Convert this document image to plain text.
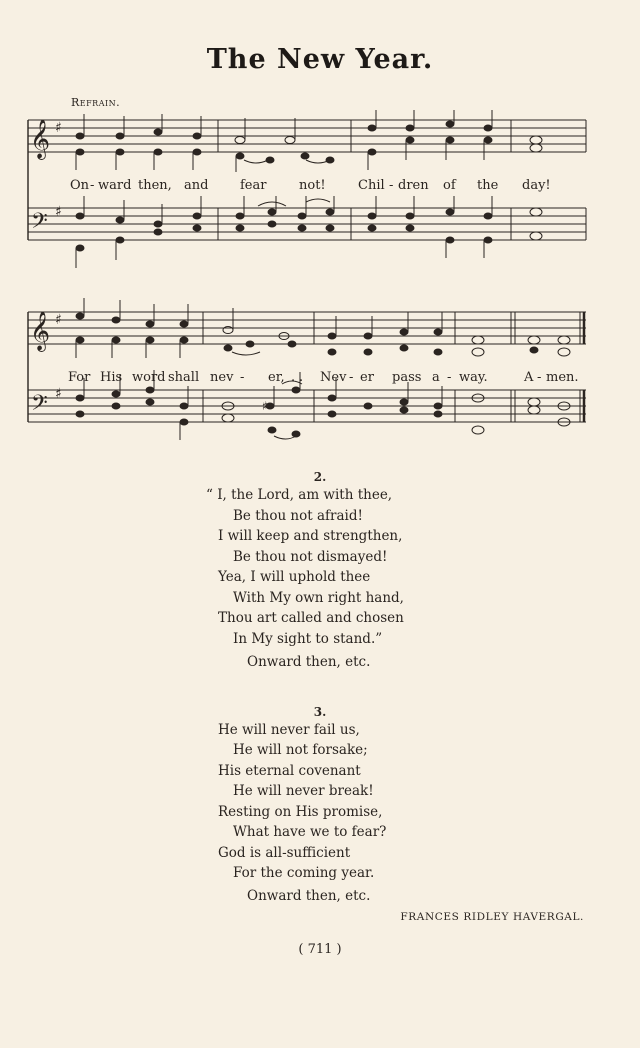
The New Year.
Refrain.
𝄞 ♯
𝄢 ♯
On - ward then, and fear	not! Chil - dren of the day!
𝄞 ♯
𝄢 ♯
♯
For His word shall nev - er, . . Nev - er pass a - way.	A - men.
2.
“ I, the Lord, am with thee,
Be thou not afraid!
I will keep and strengthen,
Be thou not dismayed!
Yea, I will uphold thee
With My own right hand,
Thou art called and chosen
In My sight to stand.”
Onward then, etc.
3.
He will never fail us,
He will not forsake;
His eternal covenant
He will never break!
Resting on His promise,
What have we to fear?
God is all-sufficient
For the coming year.
Onward then, etc.
FRANCES RIDLEY HAVERGAL.
( 711 )
